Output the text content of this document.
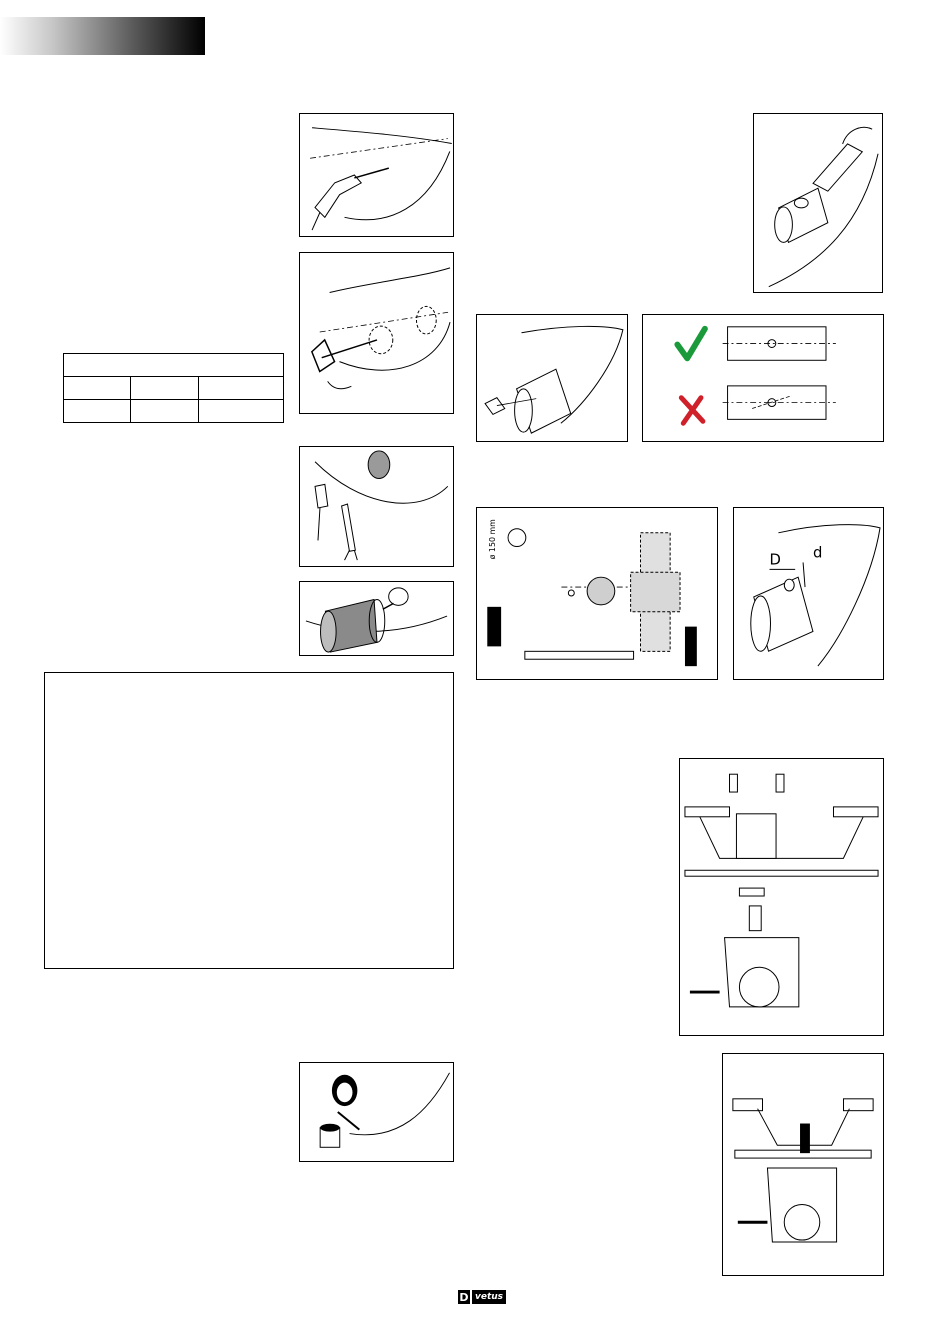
ø 150 mm
D d
D vetus
